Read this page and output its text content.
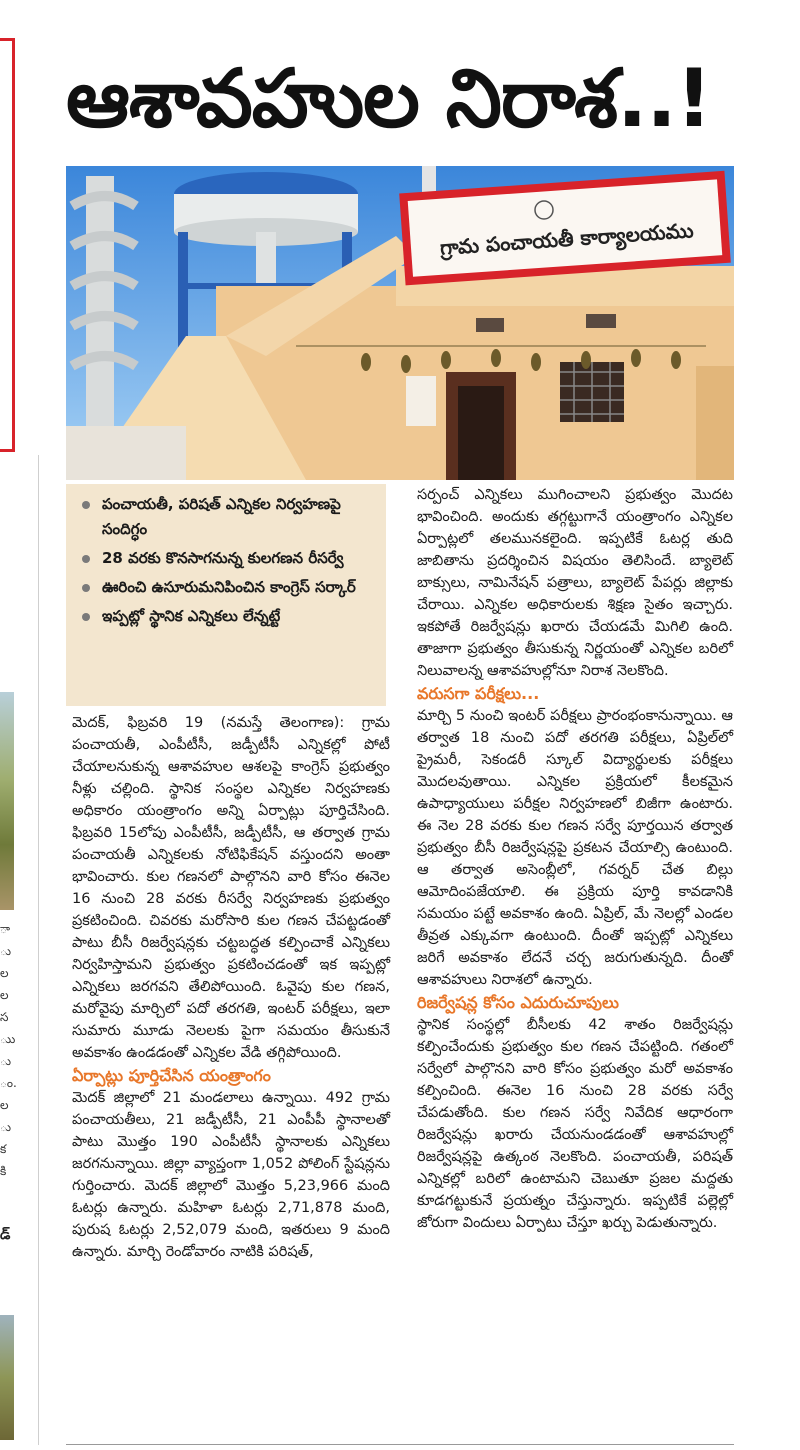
ా
ు
ల
ల
స
ుు
ు
ం.
ల
ు
క
కి
డ్
ఆశావహుల నిరాశ..!
గ్రామ పంచాయతీ కార్యాలయము
పంచాయతీ, పరిషత్ ఎన్నికల నిర్వహణపై సందిగ్ధం
28 వరకు కొనసాగనున్న కులగణన రీసర్వే
ఊరించి ఉసూరుమనిపించిన కాంగ్రెస్ సర్కార్
ఇప్పట్లో స్థానిక ఎన్నికలు లేన్నట్టే

మెదక్, ఫిబ్రవరి 19 (నమస్తే తెలంగాణ): గ్రామ పంచాయతీ, ఎంపీటీసీ, జడ్పీటీసీ ఎన్నికల్లో పోటీ చేయాలనుకున్న ఆశావహుల ఆశలపై కాంగ్రెస్ ప్రభుత్వం నీళ్లు చల్లింది. స్థానిక సంస్థల ఎన్నికల నిర్వహణకు అధికారం యంత్రాంగం అన్ని ఏర్పాట్లు పూర్తిచేసింది. ఫిబ్రవరి 15లోపు ఎంపీటీసీ, జడ్పీటీసీ, ఆ తర్వాత గ్రామ పంచాయతీ ఎన్నికలకు నోటిఫికేషన్ వస్తుందని అంతా భావించారు. కుల గణనలో పాల్గొనని వారి కోసం ఈనెల 16 నుంచి 28 వరకు రీసర్వే నిర్వహణకు ప్రభుత్వం ప్రకటించింది. చివరకు మరోసారి కుల గణన చేపట్టడంతో పాటు బీసీ రిజర్వేషన్లకు చట్టబద్ధత కల్పించాకే ఎన్నికలు నిర్వహిస్తామని ప్రభుత్వం ప్రకటించడంతో ఇక ఇప్పట్లో ఎన్నికలు జరగవని తేలిపోయింది. ఓవైపు కుల గణన, మరోవైపు మార్చిలో పదో తరగతి, ఇంటర్ పరీక్షలు, ఇలా సుమారు మూడు నెలలకు పైగా సమయం తీసుకునే అవకాశం ఉండడంతో ఎన్నికల వేడి తగ్గిపోయింది.

ఏర్పాట్లు పూర్తిచేసిన యంత్రాంగం

మెదక్ జిల్లాలో 21 మండలాలు ఉన్నాయి. 492 గ్రామ పంచాయతీలు, 21 జడ్పీటీసీ, 21 ఎంపీపీ స్థానాలతో పాటు మొత్తం 190 ఎంపీటీసీ స్థానాలకు ఎన్నికలు జరగనున్నాయి. జిల్లా వ్యాప్తంగా 1,052 పోలింగ్ స్టేషన్లను గుర్తించారు. మెదక్ జిల్లాలో మొత్తం 5,23,966 మంది ఓటర్లు ఉన్నారు. మహిళా ఓటర్లు 2,71,878 మంది, పురుష ఓటర్లు 2,52,079 మంది, ఇతరులు 9 మంది ఉన్నారు. మార్చి రెండోవారం నాటికి పరిషత్,

సర్పంచ్ ఎన్నికలు ముగించాలని ప్రభుత్వం మొదట భావించింది. అందుకు తగ్గట్టుగానే యంత్రాంగం ఎన్నికల ఏర్పాట్లలో తలమునకలైంది. ఇప్పటికే ఓటర్ల తుది జాబితాను ప్రదర్శించిన విషయం తెలిసిందే. బ్యాలెట్ బాక్సులు, నామినేషన్ పత్రాలు, బ్యాలెట్ పేపర్లు జిల్లాకు చేరాయి. ఎన్నికల అధికారులకు శిక్షణ సైతం ఇచ్చారు. ఇకపోతే రిజర్వేషన్లు ఖరారు చేయడమే మిగిలి ఉంది. తాజాగా ప్రభుత్వం తీసుకున్న నిర్ణయంతో ఎన్నికల బరిలో నిలువాలన్న ఆశావహుల్లోనూ నిరాశ నెలకొంది.

వరుసగా పరీక్షలు...

మార్చి 5 నుంచి ఇంటర్ పరీక్షలు ప్రారంభంకానున్నాయి. ఆ తర్వాత 18 నుంచి పదో తరగతి పరీక్షలు, ఏప్రిల్‌లో ప్రైమరీ, సెకండరీ స్కూల్ విద్యార్థులకు పరీక్షలు మొదలవుతాయి. ఎన్నికల ప్రక్రియలో కీలకమైన ఉపాధ్యాయులు పరీక్షల నిర్వహణలో బిజీగా ఉంటారు. ఈ నెల 28 వరకు కుల గణన సర్వే పూర్తయిన తర్వాత ప్రభుత్వం బీసీ రిజర్వేషన్లపై ప్రకటన చేయాల్సి ఉంటుంది. ఆ తర్వాత అసెంబ్లీలో, గవర్నర్ చేత బిల్లు ఆమోదింపజేయాలి. ఈ ప్రక్రియ పూర్తి కావడానికి సమయం పట్టే అవకాశం ఉంది. ఏప్రిల్, మే నెలల్లో ఎండల తీవ్రత ఎక్కువగా ఉంటుంది. దీంతో ఇప్పట్లో ఎన్నికలు జరిగే అవకాశం లేదనే చర్చ జరుగుతున్నది. దీంతో ఆశావహులు నిరాశలో ఉన్నారు.

రిజర్వేషన్ల కోసం ఎదురుచూపులు

స్థానిక సంస్థల్లో బీసీలకు 42 శాతం రిజర్వేషన్లు కల్పించేందుకు ప్రభుత్వం కుల గణన చేపట్టింది. గతంలో సర్వేలో పాల్గొనని వారి కోసం ప్రభుత్వం మరో అవకాశం కల్పించింది. ఈనెల 16 నుంచి 28 వరకు సర్వే చేపడుతోంది. కుల గణన సర్వే నివేదిక ఆధారంగా రిజర్వేషన్లు ఖరారు చేయనుండడంతో ఆశావహుల్లో రిజర్వేషన్లపై ఉత్కంఠ నెలకొంది. పంచాయతీ, పరిషత్ ఎన్నికల్లో బరిలో ఉంటామని చెబుతూ ప్రజల మద్దతు కూడగట్టుకునే ప్రయత్నం చేస్తున్నారు. ఇప్పటికే పల్లెల్లో జోరుగా విందులు ఏర్పాటు చేస్తూ ఖర్చు పెడుతున్నారు.
